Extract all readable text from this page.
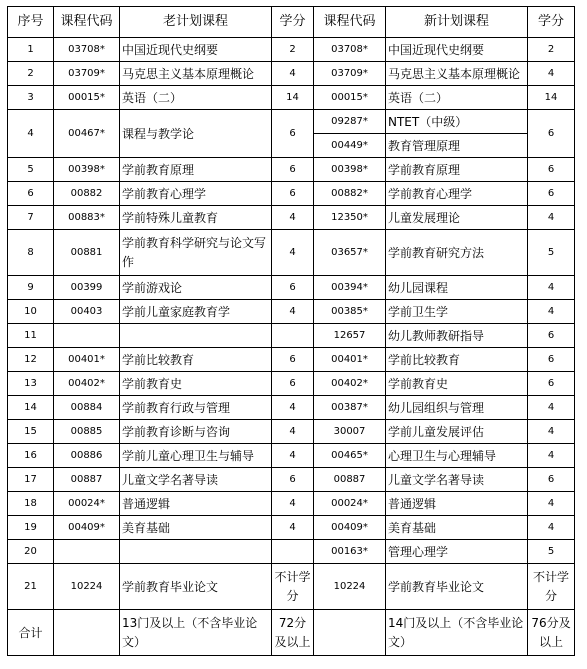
序号	课程代码	老计划课程	学分	课程代码	新计划课程	学分
1	03708*	中国近现代史纲要	2	03708*	中国近现代史纲要	2
2	03709*	马克思主义基本原理概论	4	03709*	马克思主义基本原理概论	4
3	00015*	英语（二）	14	00015*	英语（二）	14
4	00467*	课程与教学论	6	09287*	NTET（中级）	6
				00449*	教育管理原理	
5	00398*	学前教育原理	6	00398*	学前教育原理	6
6	00882	学前教育心理学	6	00882*	学前教育心理学	6
7	00883*	学前特殊儿童教育	4	12350*	儿童发展理论	4
8	00881	学前教育科学研究与论文写作	4	03657*	学前教育研究方法	5
9	00399	学前游戏论	6	00394*	幼儿园课程	4
10	00403	学前儿童家庭教育学	4	00385*	学前卫生学	4
11				12657	幼儿教师教研指导	6
12	00401*	学前比较教育	6	00401*	学前比较教育	6
13	00402*	学前教育史	6	00402*	学前教育史	6
14	00884	学前教育行政与管理	4	00387*	幼儿园组织与管理	4
15	00885	学前教育诊断与咨询	4	30007	学前儿童发展评估	4
16	00886	学前儿童心理卫生与辅导	4	00465*	心理卫生与心理辅导	4
17	00887	儿童文学名著导读	6	00887	儿童文学名著导读	6
18	00024*	普通逻辑	4	00024*	普通逻辑	4
19	00409*	美育基础	4	00409*	美育基础	4
20				00163*	管理心理学	5
21	10224	学前教育毕业论文	不计学分	10224	学前教育毕业论文	不计学分
合计		13门及以上（不含毕业论文）	72分及以上		14门及以上（不含毕业论文）	76分及以上
